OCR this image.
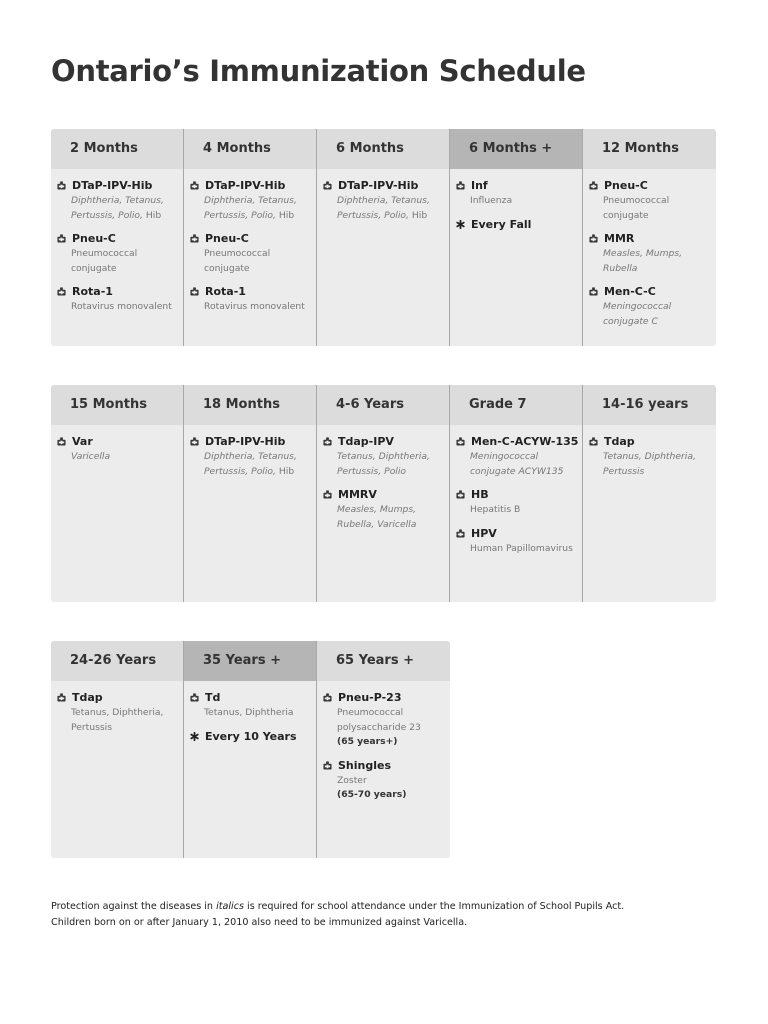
Ontario’s Immunization Schedule
2 Months
DTaP-IPV-Hib
Diphtheria, Tetanus, Pertussis, Polio, Hib
Pneu-C
Pneumococcal conjugate
Rota-1
Rotavirus monovalent
4 Months
DTaP-IPV-Hib
Diphtheria, Tetanus, Pertussis, Polio, Hib
Pneu-C
Pneumococcal conjugate
Rota-1
Rotavirus monovalent
6 Months
DTaP-IPV-Hib
Diphtheria, Tetanus, Pertussis, Polio, Hib
6 Months +
Inf
Influenza
Every Fall
12 Months
Pneu-C
Pneumococcal conjugate
MMR
Measles, Mumps, Rubella
Men-C-C
Meningococcal conjugate C
15 Months
Var
Varicella
18 Months
DTaP-IPV-Hib
Diphtheria, Tetanus, Pertussis, Polio, Hib
4-6 Years
Tdap-IPV
Tetanus, Diphtheria, Pertussis, Polio
MMRV
Measles, Mumps, Rubella, Varicella
Grade 7
Men-C-ACYW-135
Meningococcal conjugate ACYW135
HB
Hepatitis B
HPV
Human Papillomavirus
14-16 years
Tdap
Tetanus, Diphtheria, Pertussis
24-26 Years
Tdap
Tetanus, Diphtheria, Pertussis
35 Years +
Td
Tetanus, Diphtheria
Every 10 Years
65 Years +
Pneu-P-23
Pneumococcal polysaccharide 23
(65 years+)
Shingles
Zoster
(65-70 years)

Protection against the diseases in italics is required for school attendance under the Immunization of School Pupils Act.

Children born on or after January 1, 2010 also need to be immunized against Varicella.
